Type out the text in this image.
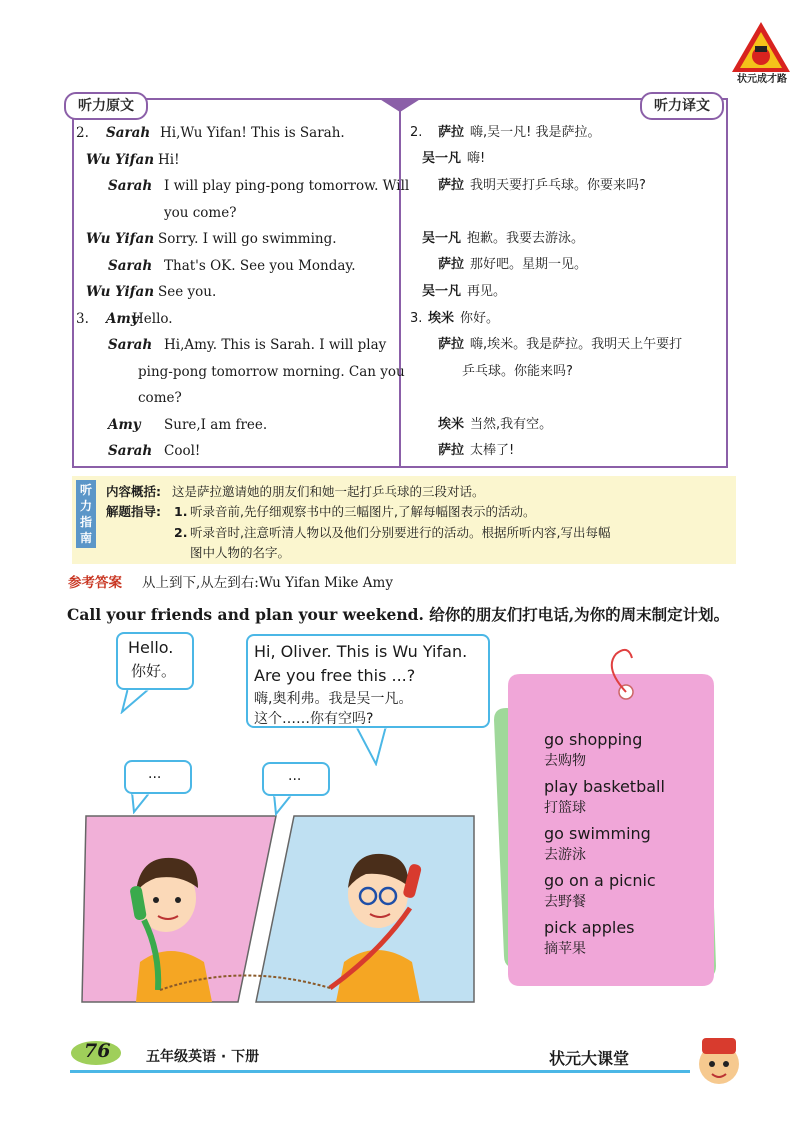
状元成才路
听力原文	听力译文
2. Sarah Hi,Wu Yifan! This is Sarah.
Wu Yifan Hi!
Sarah I will play ping-pong tomorrow. Will
you come?
Wu Yifan Sorry. I will go swimming.
Sarah That's OK. See you Monday.
Wu Yifan See you.
3. Amy
Hello.
Sarah Hi,Amy. This is Sarah. I will play
ping-pong tomorrow morning. Can you
come?
Amy Sure,I am free.
Sarah Cool!
2. 萨拉 嗨,吴一凡! 我是萨拉。
吴一凡 嗨!
萨拉 我明天要打乒乓球。你要来吗?
吴一凡 抱歉。我要去游泳。
萨拉 那好吧。星期一见。
吴一凡 再见。
3. 埃米 你好。
萨拉 嗨,埃米。我是萨拉。我明天上午要打
乒乓球。你能来吗?
埃米 当然,我有空。
萨拉 太棒了!
听
力
指
南
内容概括: 这是萨拉邀请她的朋友们和她一起打乒乓球的三段对话。
解题指导: 1. 听录音前,先仔细观察书中的三幅图片,了解每幅图表示的活动。
2. 听录音时,注意听清人物以及他们分别要进行的活动。根据所听内容,写出每幅
图中人物的名字。
参考答案 从上到下,从左到右:Wu Yifan Mike Amy
Call your friends and plan your weekend. 给你的朋友们打电话,为你的周末制定计划。
Hello.
你好。
Hi, Oliver. This is Wu Yifan.
Are you free this ...?
嗨,奥利弗。我是吴一凡。
这个……你有空吗?
...	...
go shopping
去购物
play basketball
打篮球
go swimming
去游泳
go on a picnic
去野餐
pick apples
摘苹果
76	五年级英语 · 下册	状元大课堂
